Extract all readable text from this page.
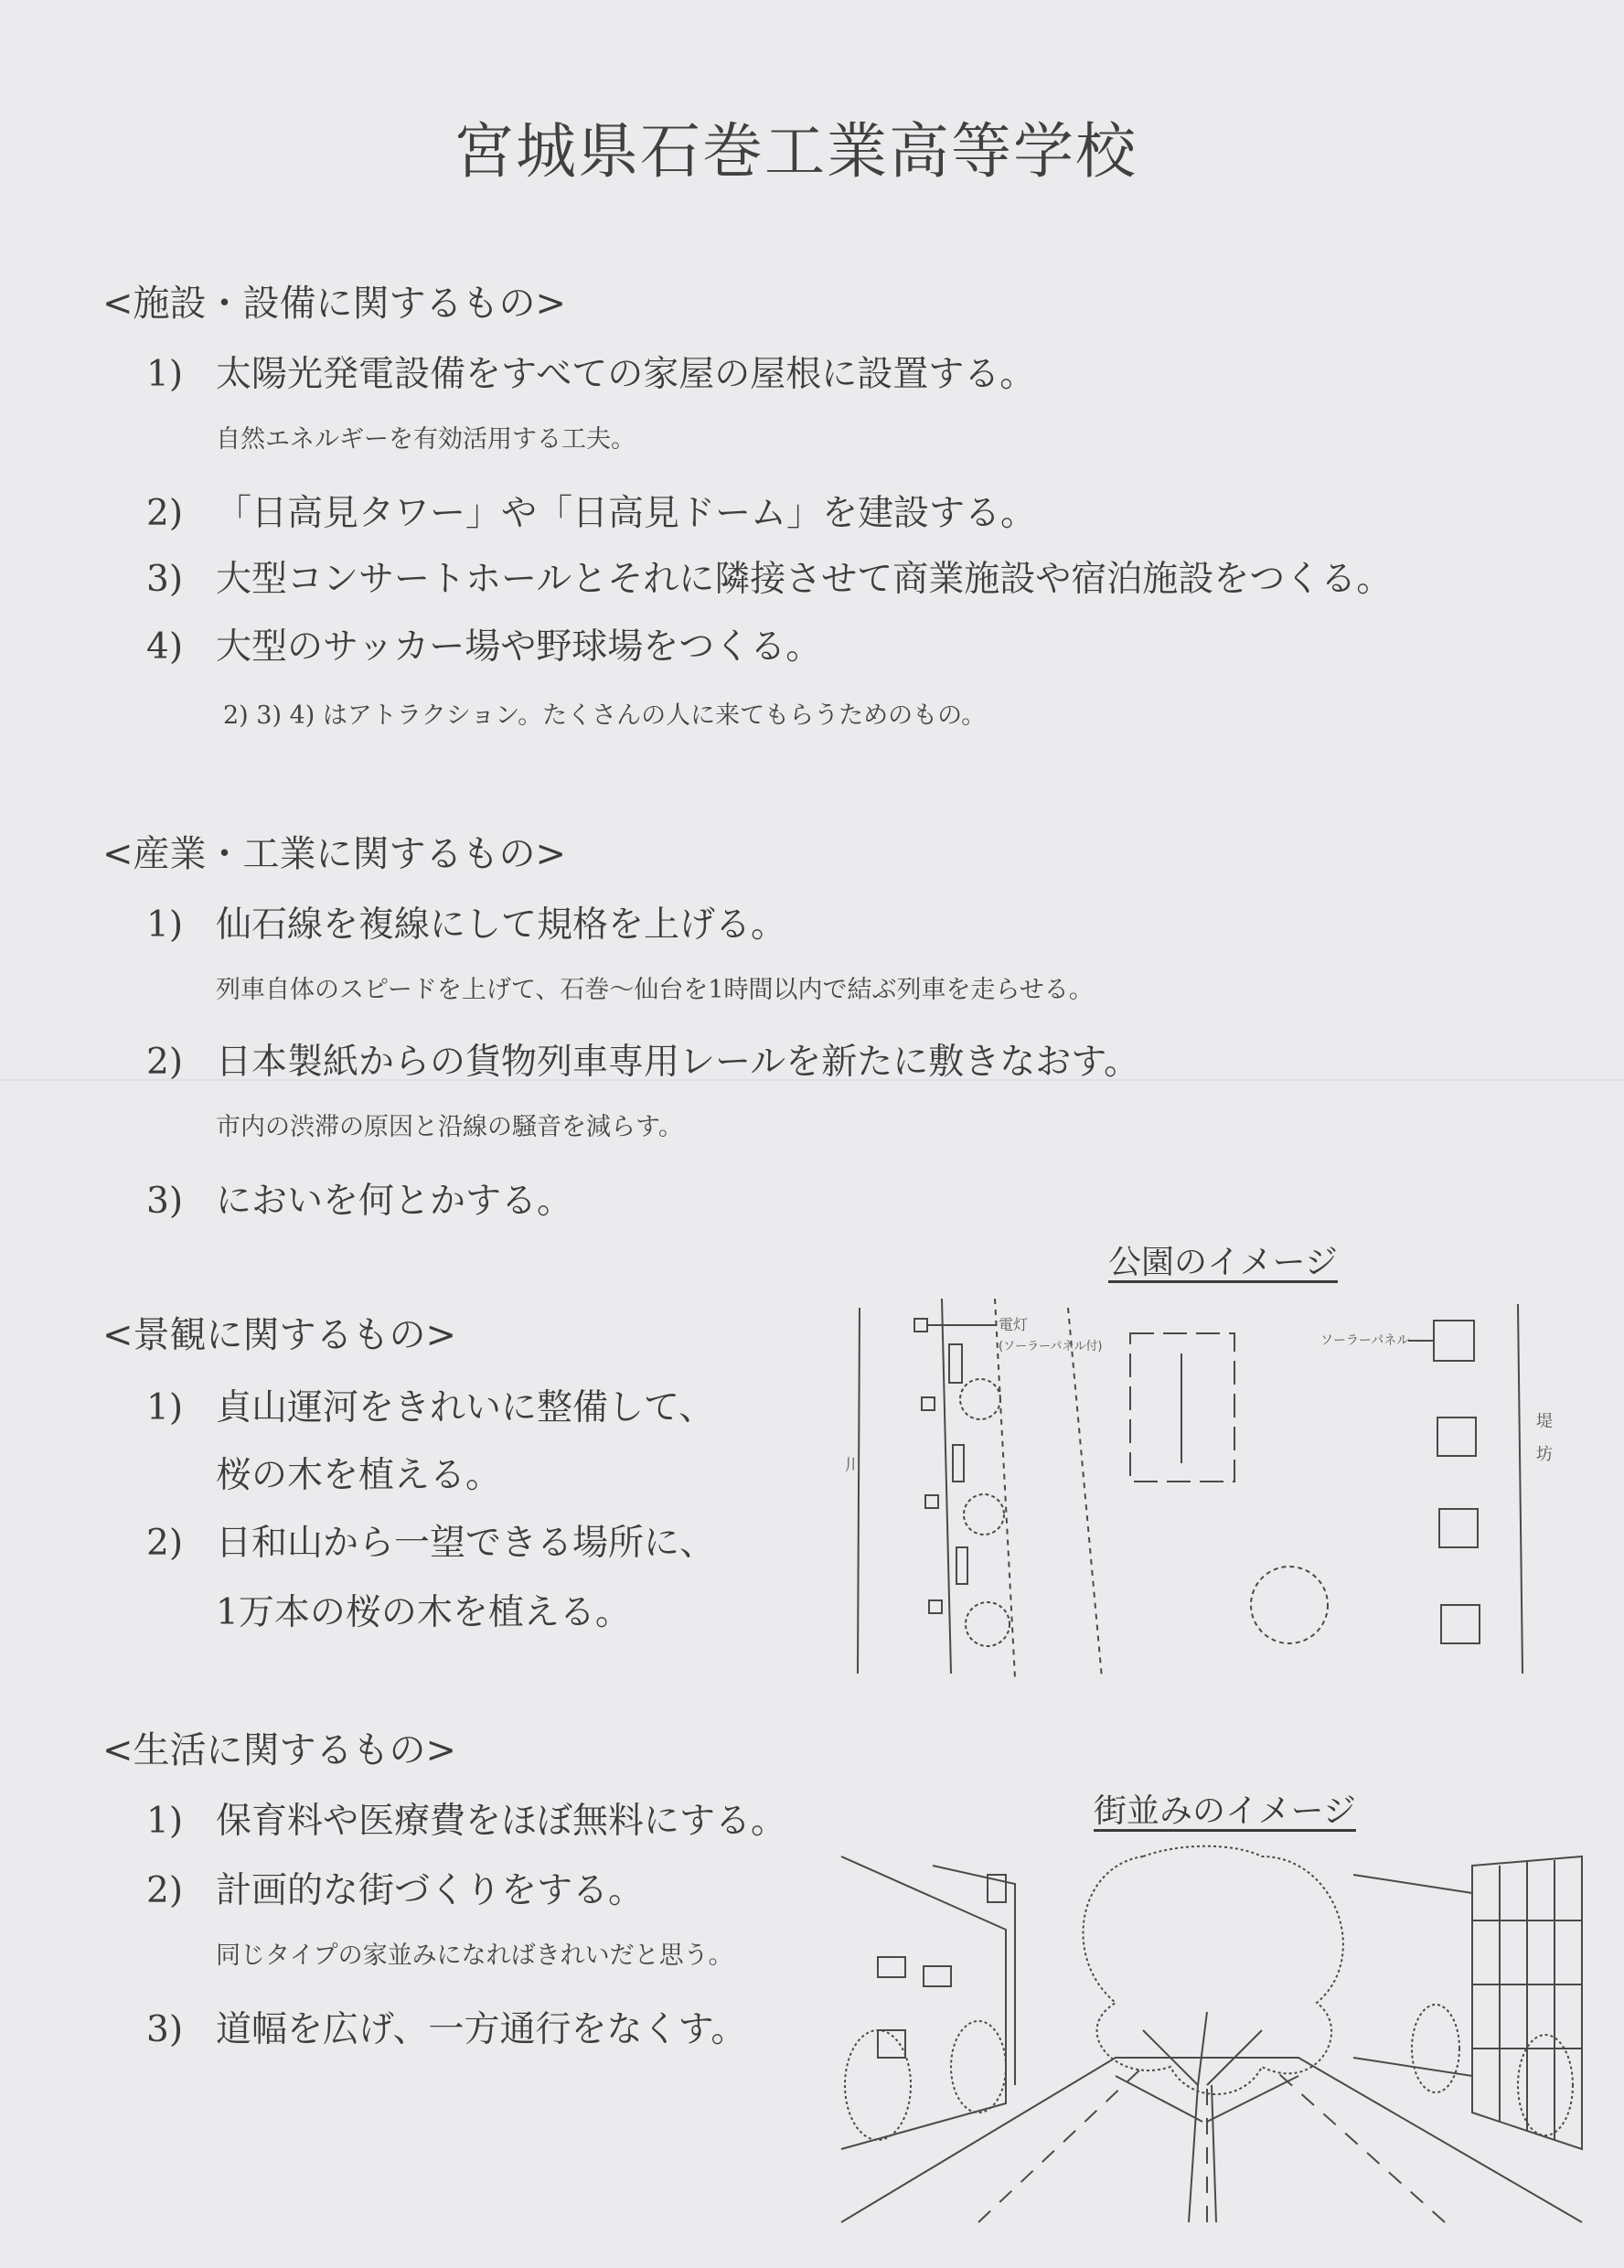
宮城県石巻工業高等学校
<施設・設備に関するもの>
1) 太陽光発電設備をすべての家屋の屋根に設置する。
自然エネルギーを有効活用する工夫。
2) 「日高見タワー」や「日高見ドーム」を建設する。
3) 大型コンサートホールとそれに隣接させて商業施設や宿泊施設をつくる。
4) 大型のサッカー場や野球場をつくる。
2) 3) 4) はアトラクション。たくさんの人に来てもらうためのもの。
<産業・工業に関するもの>
1) 仙石線を複線にして規格を上げる。
列車自体のスピードを上げて、石巻～仙台を1時間以内で結ぶ列車を走らせる。
2) 日本製紙からの貨物列車専用レールを新たに敷きなおす。
市内の渋滞の原因と沿線の騒音を減らす。
3) においを何とかする。
<景観に関するもの>
1) 貞山運河をきれいに整備して、
桜の木を植える。
2) 日和山から一望できる場所に、
1万本の桜の木を植える。
<生活に関するもの>
1) 保育料や医療費をほぼ無料にする。
2) 計画的な街づくりをする。
同じタイプの家並みになればきれいだと思う。
3) 道幅を広げ、一方通行をなくす。
公園のイメージ
川
電灯
(ソーラーパネル付)	ソーラーパネル
堤
坊
街並みのイメージ
